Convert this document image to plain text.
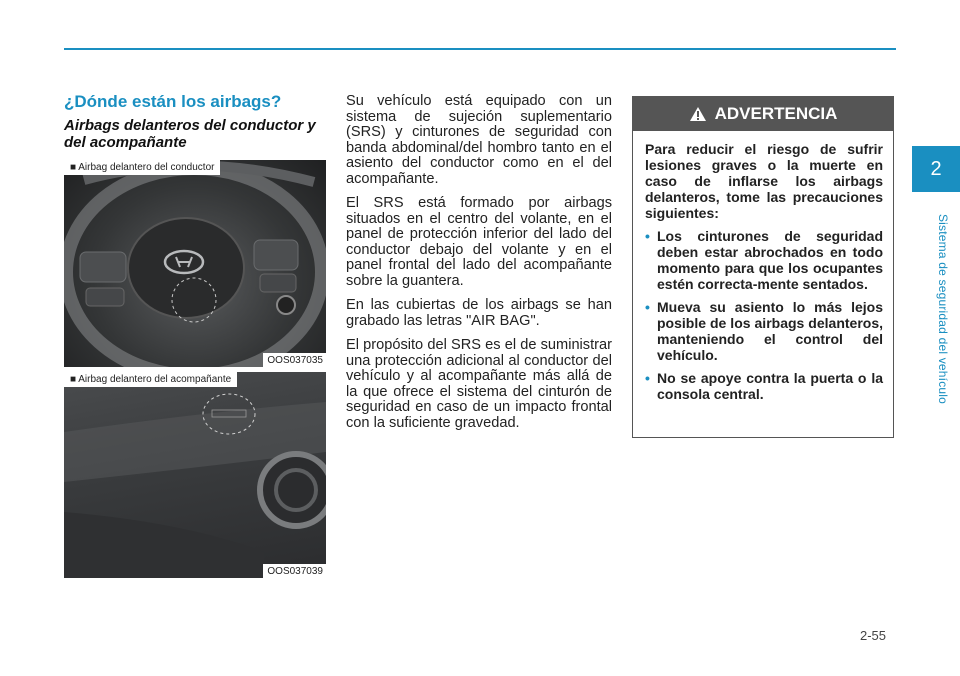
2
Sistema de seguridad del vehículo
¿Dónde están los airbags?
Airbags delanteros del conductor y del acompañante
■ Airbag delantero del conductor
OOS037035
■ Airbag delantero del acompañante
OOS037039

Su vehículo está equipado con un sistema de sujeción suplementario (SRS) y cinturones de seguridad con banda abdominal/del hombro tanto en el asiento del conductor como en el del acompañante.

El SRS está formado por airbags situados en el centro del volante, en el panel de protección inferior del lado del conductor debajo del volante y en el panel frontal del lado del acompañante sobre la guantera.

En las cubiertas de los airbags se han grabado las letras "AIR BAG".

El propósito del SRS es el de suministrar una protección adicional al conductor del vehículo y al acompañante más allá de la que ofrece el sistema del cinturón de seguridad en caso de un impacto frontal con la suficiente gravedad.

ADVERTENCIA

Para reducir el riesgo de sufrir lesiones graves o la muerte en caso de inflarse los airbags delanteros, tome las precauciones siguientes:

• Los cinturones de seguridad deben estar abrochados en todo momento para que los ocupantes estén correcta-mente sentados.
• Mueva su asiento lo más lejos posible de los airbags delanteros, manteniendo el control del vehículo.
• No se apoye contra la puerta o la consola central.
2-55
